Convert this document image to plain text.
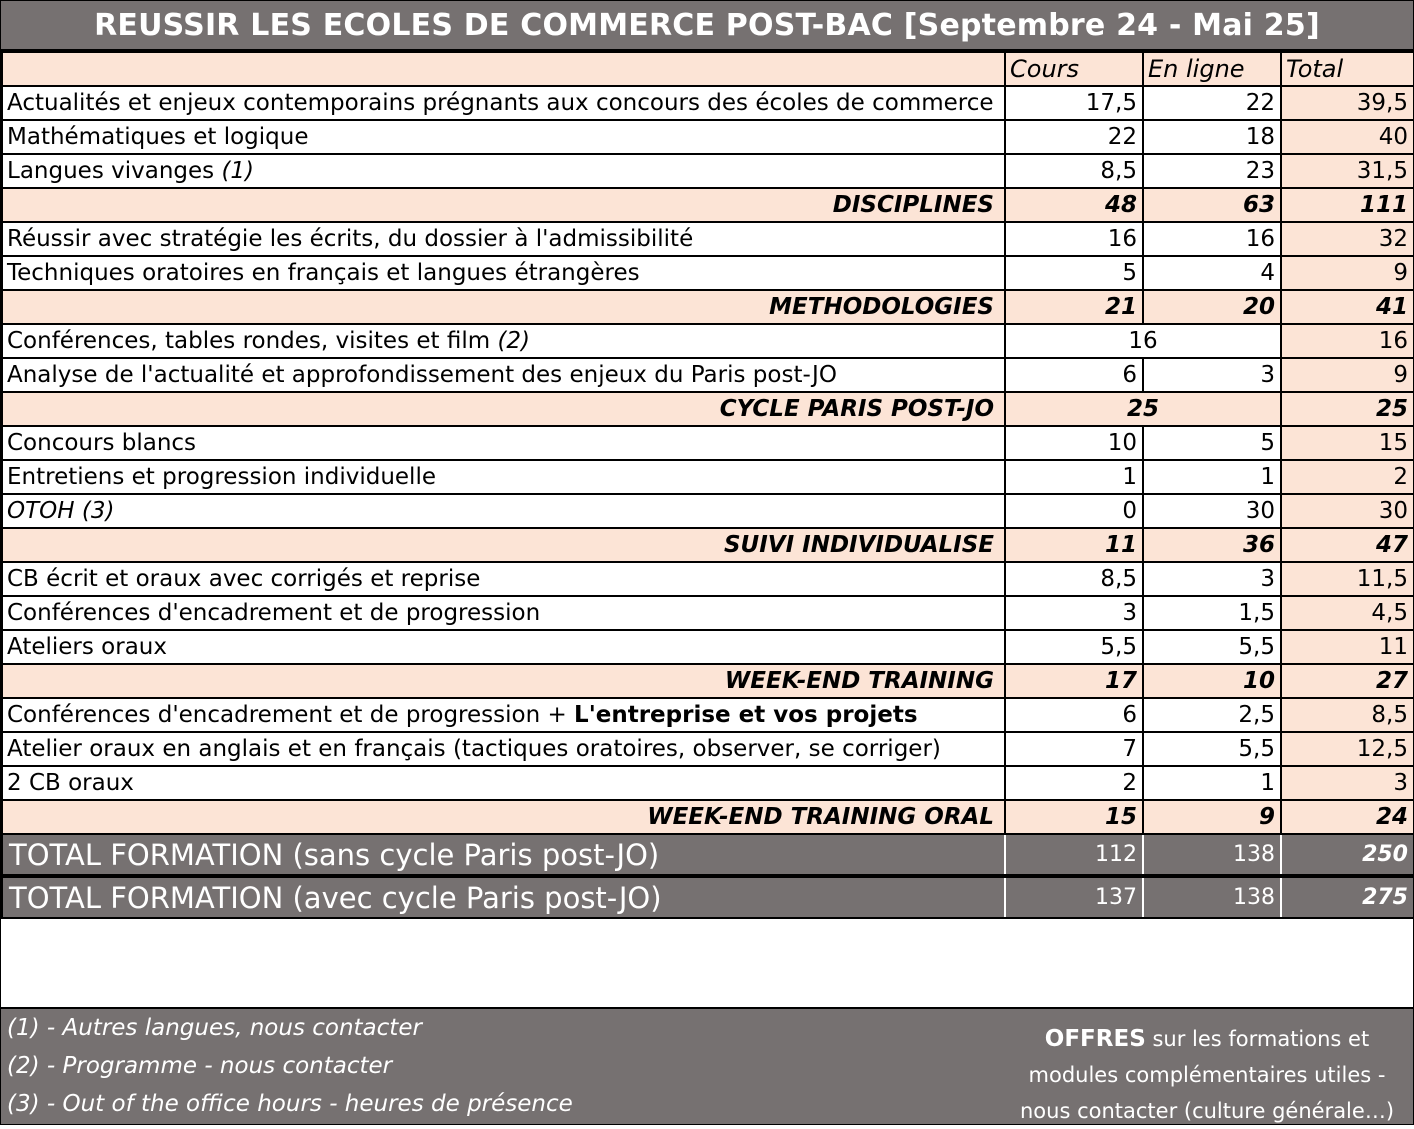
REUSSIR LES ECOLES DE COMMERCE POST-BAC [Septembre 24 - Mai 25]
	Cours	En ligne	Total
Actualités et enjeux contemporains prégnants aux concours des écoles de commerce	17,5	22	39,5
Mathématiques et logique	22	18	40
Langues vivanges (1)	8,5	23	31,5
DISCIPLINES	48	63	111
Réussir avec stratégie les écrits, du dossier à l'admissibilité	16	16	32
Techniques oratoires en français et langues étrangères	5	4	9
METHODOLOGIES	21	20	41
Conférences, tables rondes, visites et film (2)	16		16
Analyse de l'actualité et approfondissement des enjeux du Paris post-JO	6	3	9
CYCLE PARIS POST-JO	25		25
Concours blancs	10	5	15
Entretiens et progression individuelle	1	1	2
OTOH (3)	0	30	30
SUIVI INDIVIDUALISE	11	36	47
CB écrit et oraux avec corrigés et reprise	8,5	3	11,5
Conférences d'encadrement et de progression	3	1,5	4,5
Ateliers oraux	5,5	5,5	11
WEEK-END TRAINING	17	10	27
Conférences d'encadrement et de progression + L'entreprise et vos projets	6	2,5	8,5
Atelier oraux en anglais et en français (tactiques oratoires, observer, se corriger)	7	5,5	12,5
2 CB oraux	2	1	3
WEEK-END TRAINING ORAL	15	9	24
TOTAL FORMATION (sans cycle Paris post-JO)	112	138	250
TOTAL FORMATION (avec cycle Paris post-JO)	137	138	275
(1) - Autres langues, nous contacter
(2) - Programme - nous contacter
(3) - Out of the office hours - heures de présence
OFFRES sur les formations et modules complémentaires utiles - nous contacter (culture générale…)
